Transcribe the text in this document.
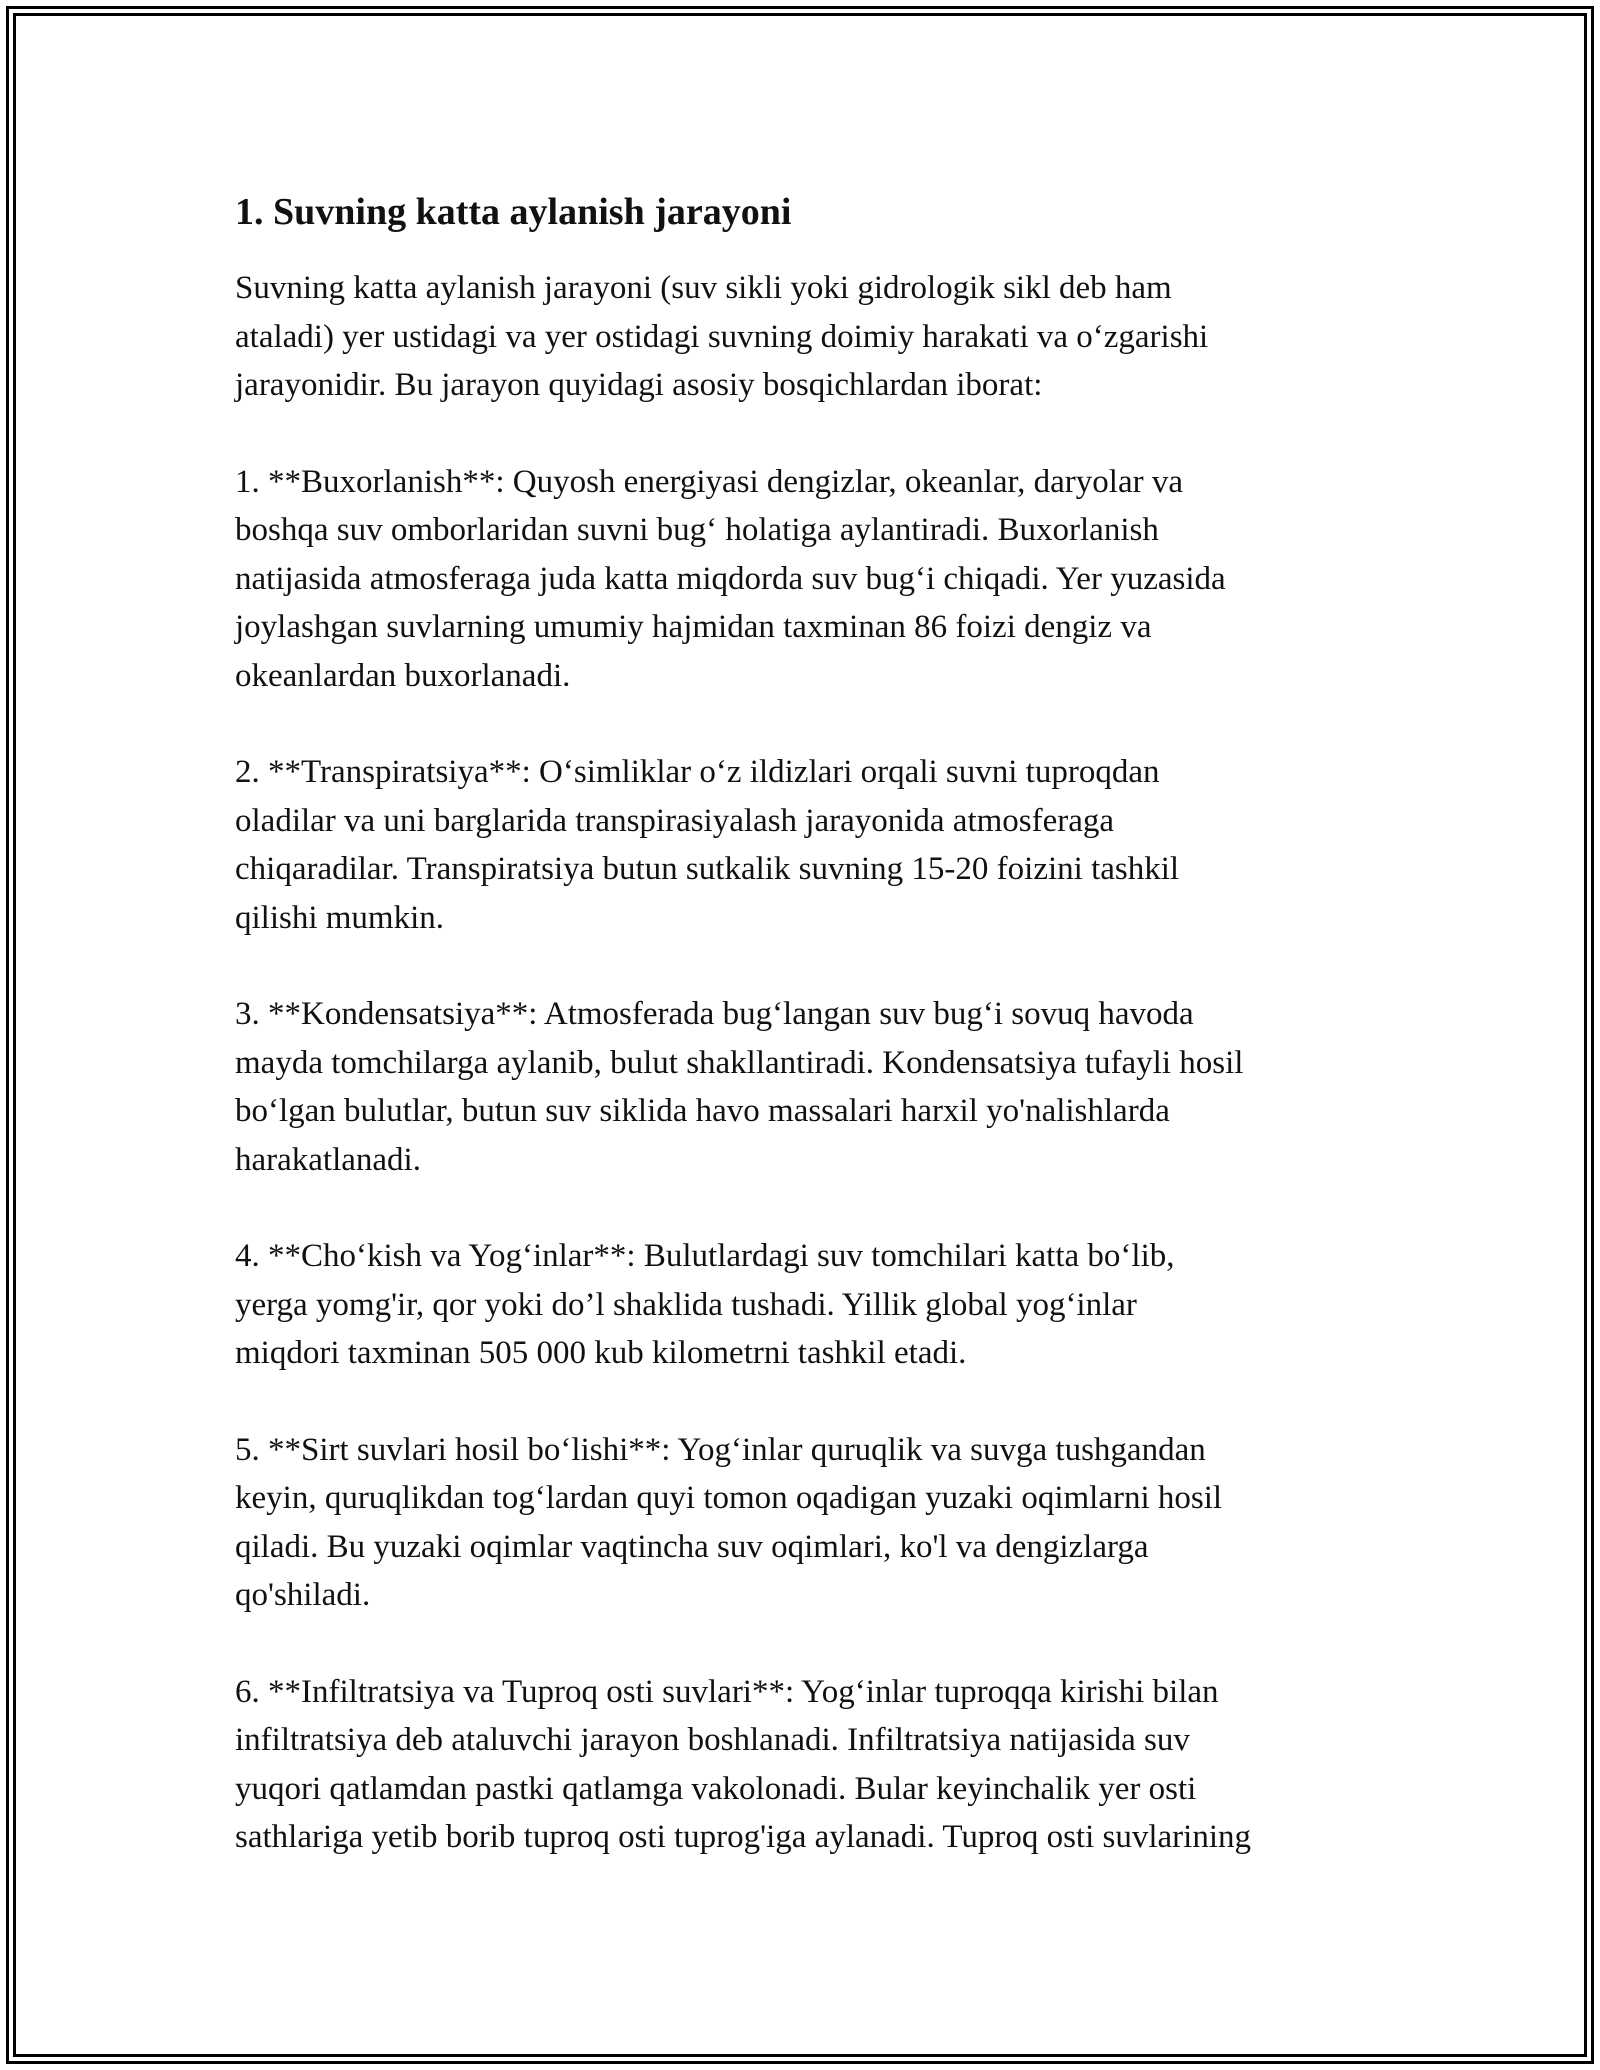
1. Suvning katta aylanish jarayoni

Suvning katta aylanish jarayoni (suv sikli yoki gidrologik sikl deb ham
ataladi) yer ustidagi va yer ostidagi suvning doimiy harakati va o‘zgarishi
jarayonidir. Bu jarayon quyidagi asosiy bosqichlardan iborat:

1. **Buxorlanish**: Quyosh energiyasi dengizlar, okeanlar, daryolar va
boshqa suv omborlaridan suvni bug‘ holatiga aylantiradi. Buxorlanish
natijasida atmosferaga juda katta miqdorda suv bug‘i chiqadi. Yer yuzasida
joylashgan suvlarning umumiy hajmidan taxminan 86 foizi dengiz va
okeanlardan buxorlanadi.

2. **Transpiratsiya**: O‘simliklar o‘z ildizlari orqali suvni tuproqdan
oladilar va uni barglarida transpirasiyalash jarayonida atmosferaga
chiqaradilar. Transpiratsiya butun sutkalik suvning 15-20 foizini tashkil
qilishi mumkin.

3. **Kondensatsiya**: Atmosferada bug‘langan suv bug‘i sovuq havoda
mayda tomchilarga aylanib, bulut shakllantiradi. Kondensatsiya tufayli hosil
bo‘lgan bulutlar, butun suv siklida havo massalari harxil yo'nalishlarda
harakatlanadi.

4. **Cho‘kish va Yog‘inlar**: Bulutlardagi suv tomchilari katta bo‘lib,
yerga yomg'ir, qor yoki do’l shaklida tushadi. Yillik global yog‘inlar
miqdori taxminan 505 000 kub kilometrni tashkil etadi.

5. **Sirt suvlari hosil bo‘lishi**: Yog‘inlar quruqlik va suvga tushgandan
keyin, quruqlikdan tog‘lardan quyi tomon oqadigan yuzaki oqimlarni hosil
qiladi. Bu yuzaki oqimlar vaqtincha suv oqimlari, ko'l va dengizlarga
qo'shiladi.

6. **Infiltratsiya va Tuproq osti suvlari**: Yog‘inlar tuproqqa kirishi bilan
infiltratsiya deb ataluvchi jarayon boshlanadi. Infiltratsiya natijasida suv
yuqori qatlamdan pastki qatlamga vakolonadi. Bular keyinchalik yer osti
sathlariga yetib borib tuproq osti tuprog'iga aylanadi. Tuproq osti suvlarining
